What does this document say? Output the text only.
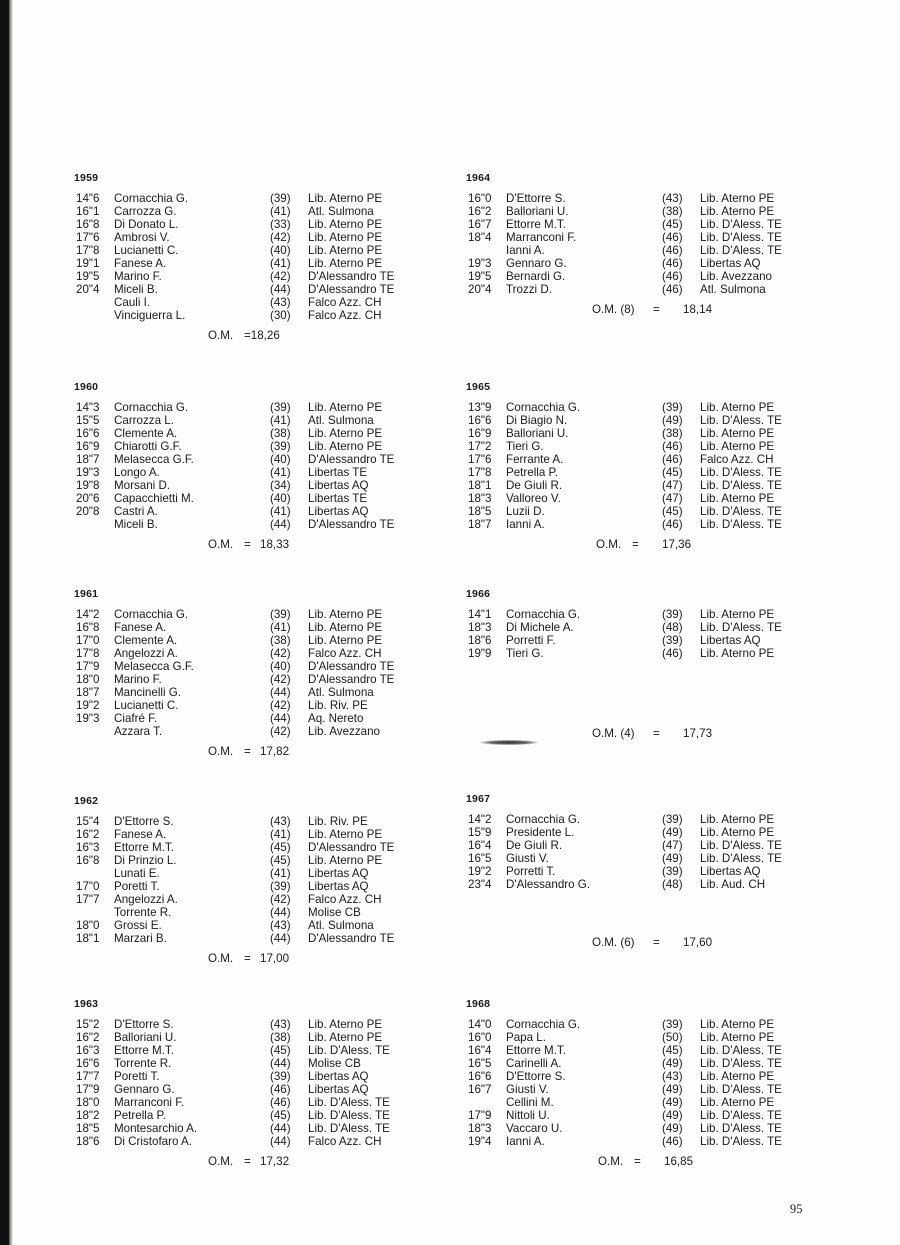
1959
14"6 Cornacchia G.	(39) Lib. Aterno PE
16"1 Carrozza G.	(41) Atl. Sulmona
16"8 Di Donato L.	(33) Lib. Aterno PE
17"6 Ambrosi V.	(42) Lib. Aterno PE
17"8 Lucianetti C.	(40) Lib. Aterno PE
19"1 Fanese A.	(41) Lib. Aterno PE
19"5 Marino F.	(42) D'Alessandro TE
20"4 Miceli B.	(44) D'Alessandro TE
Cauli I.	(43) Falco Azz. CH
Vinciguerra L.	(30) Falco Azz. CH
O.M. =18,26
1964
16"0 D'Ettorre S.	(43) Lib. Aterno PE
16"2 Balloriani U.	(38) Lib. Aterno PE
16"7 Ettorre M.T.	(45) Lib. D'Aless. TE
18"4 Marranconi F.	(46) Lib. D'Aless. TE
Ianni A.	(46) Lib. D'Aless. TE
19"3 Gennaro G.	(46) Libertas AQ
19"5 Bernardi G.	(46) Lib. Avezzano
20"4 Trozzi D.	(46) Atl. Sulmona
O.M. (8) = 18,14
1960
14"3 Cornacchia G.	(39) Lib. Aterno PE
15"5 Carrozza L.	(41) Atl. Sulmona
16"6 Clemente A.	(38) Lib. Aterno PE
16"9 Chiarotti G.F.	(39) Lib. Aterno PE
18"7 Melasecca G.F.	(40) D'Alessandro TE
19"3 Longo A.	(41) Libertas TE
19"8 Morsani D.	(34) Libertas AQ
20"6 Capacchietti M.	(40) Libertas TE
20"8 Castri A.	(41) Libertas AQ
Miceli B.	(44) D'Alessandro TE
O.M. = 18,33
1965
13"9 Cornacchia G.	(39) Lib. Aterno PE
16"6 Di Biagio N.	(49) Lib. D'Aless. TE
16"9 Balloriani U.	(38) Lib. Aterno PE
17"2 Tieri G.	(46) Lib. Aterno PE
17"6 Ferrante A.	(46) Falco Azz. CH
17"8 Petrella P.	(45) Lib. D'Aless. TE
18"1 De Giuli R.	(47) Lib. D'Aless. TE
18"3 Valloreo V.	(47) Lib. Aterno PE
18"5 Luzii D.	(45) Lib. D'Aless. TE
18"7 Ianni A.	(46) Lib. D'Aless. TE
O.M. = 17,36
1961
14"2 Cornacchia G.	(39) Lib. Aterno PE
16"8 Fanese A.	(41) Lib. Aterno PE
17"0 Clemente A.	(38) Lib. Aterno PE
17"8 Angelozzi A.	(42) Falco Azz. CH
17"9 Melasecca G.F.	(40) D'Alessandro TE
18"0 Marino F.	(42) D'Alessandro TE
18"7 Mancinelli G.	(44) Atl. Sulmona
19"2 Lucianetti C.	(42) Lib. Riv. PE
19"3 Ciafré F.	(44) Aq. Nereto
Azzara T.	(42) Lib. Avezzano
O.M. = 17,82
1966
14"1 Cornacchia G.	(39) Lib. Aterno PE
18"3 Di Michele A.	(48) Lib. D'Aless. TE
18"6 Porretti F.	(39) Libertas AQ
19"9 Tieri G.	(46) Lib. Aterno PE
O.M. (4) = 17,73
1962
15"4 D'Ettorre S.	(43) Lib. Riv. PE
16"2 Fanese A.	(41) Lib. Aterno PE
16"3 Ettorre M.T.	(45) D'Alessandro TE
16"8 Di Prinzio L.	(45) Lib. Aterno PE
Lunati E.	(41) Libertas AQ
17"0 Poretti T.	(39) Libertas AQ
17"7 Angelozzi A.	(42) Falco Azz. CH
Torrente R.	(44) Molise CB
18"0 Grossi E.	(43) Atl. Sulmona
18"1 Marzari B.	(44) D'Alessandro TE
O.M. = 17,00
1967
14"2 Cornacchia G.	(39) Lib. Aterno PE
15"9 Presidente L.	(49) Lib. Aterno PE
16"4 De Giuli R.	(47) Lib. D'Aless. TE
16"5 Giusti V.	(49) Lib. D'Aless. TE
19"2 Porretti T.	(39) Libertas AQ
23"4 D'Alessandro G.	(48) Lib. Aud. CH
O.M. (6) = 17,60
1963
15"2 D'Ettorre S.	(43) Lib. Aterno PE
16"2 Balloriani U.	(38) Lib. Aterno PE
16"3 Ettorre M.T.	(45) Lib. D'Aless. TE
16"6 Torrente R.	(44) Molise CB
17"7 Poretti T.	(39) Libertas AQ
17"9 Gennaro G.	(46) Libertas AQ
18"0 Marranconi F.	(46) Lib. D'Aless. TE
18"2 Petrella P.	(45) Lib. D'Aless. TE
18"5 Montesarchio A.	(44) Lib. D'Aless. TE
18"6 Di Cristofaro A.	(44) Falco Azz. CH
O.M. = 17,32
1968
14"0 Cornacchia G.	(39) Lib. Aterno PE
16"0 Papa L.	(50) Lib. Aterno PE
16"4 Ettorre M.T.	(45) Lib. D'Aless. TE
16"5 Carinelli A.	(49) Lib. D'Aless. TE
16"6 D'Ettorre S.	(43) Lib. Aterno PE
16"7 Giusti V.	(49) Lib. D'Aless. TE
Cellini M.	(49) Lib. Aterno PE
17"9 Nittoli U.	(49) Lib. D'Aless. TE
18"3 Vaccaro U.	(49) Lib. D'Aless. TE
19"4 Ianni A.	(46) Lib. D'Aless. TE
O.M. = 16,85
95
